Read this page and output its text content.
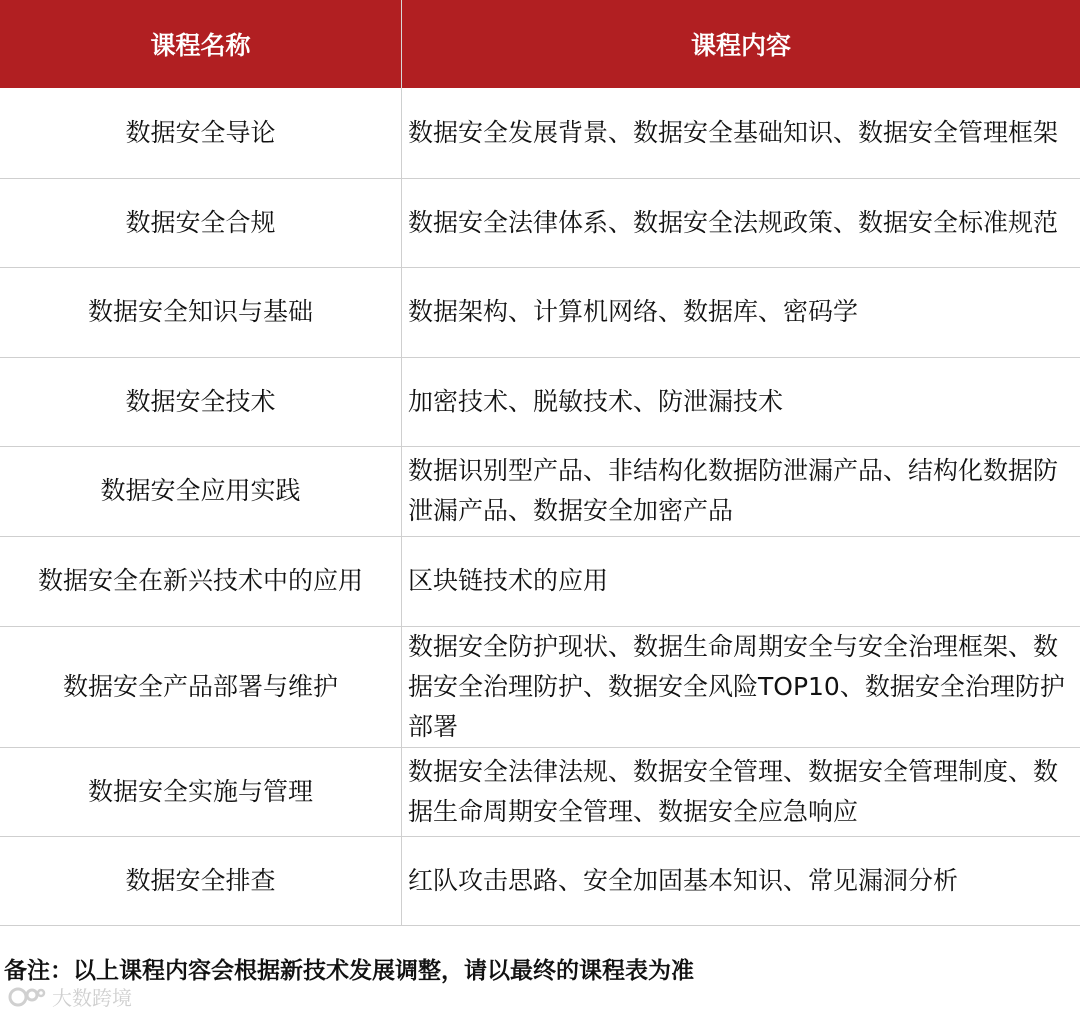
课程名称	课程内容
数据安全导论	数据安全发展背景、数据安全基础知识、数据安全管理框架
数据安全合规	数据安全法律体系、数据安全法规政策、数据安全标准规范
数据安全知识与基础	数据架构、计算机网络、数据库、密码学
数据安全技术	加密技术、脱敏技术、防泄漏技术
数据安全应用实践	数据识别型产品、非结构化数据防泄漏产品、结构化数据防泄漏产品、数据安全加密产品
数据安全在新兴技术中的应用	区块链技术的应用
数据安全产品部署与维护	数据安全防护现状、数据生命周期安全与安全治理框架、数据安全治理防护、数据安全风险TOP10、数据安全治理防护部署
数据安全实施与管理	数据安全法律法规、数据安全管理、数据安全管理制度、数据生命周期安全管理、数据安全应急响应
数据安全排查	红队攻击思路、安全加固基本知识、常见漏洞分析
备注：以上课程内容会根据新技术发展调整，请以最终的课程表为准
大数跨境
